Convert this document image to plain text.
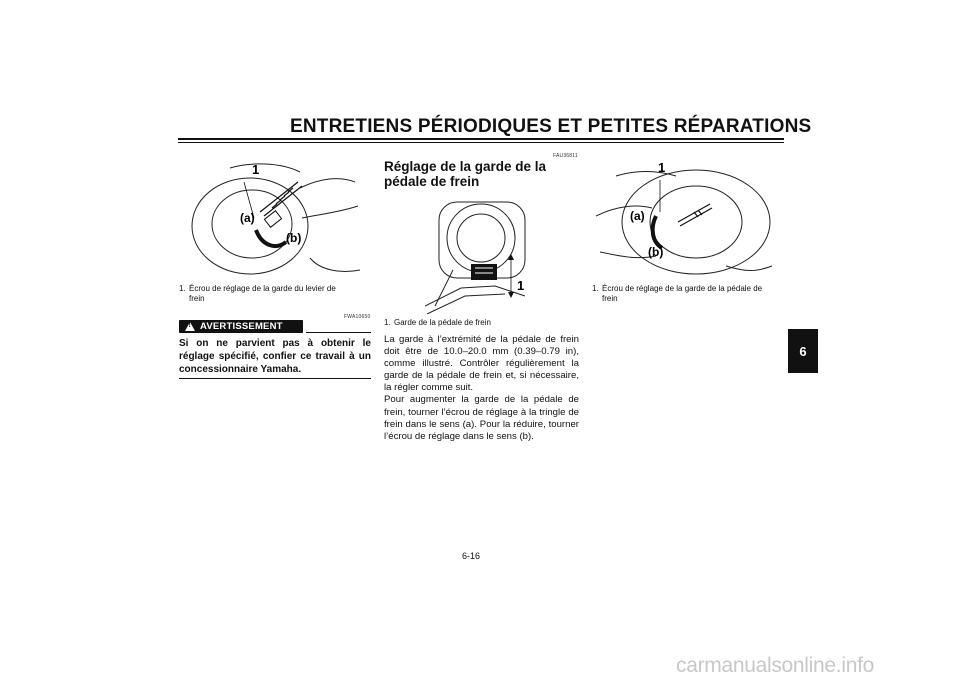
ENTRETIENS PÉRIODIQUES ET PETITES RÉPARATIONS
6
1
(a)
(b)
1. Écrou de réglage de la garde du levier de
frein
FWA10650
!
AVERTISSEMENT
Si on ne parvient pas à obtenir le réglage spécifié, confier ce travail à un concessionnaire Yamaha.
FAU36811
Réglage de la garde de la pédale de frein
1
1. Garde de la pédale de frein

La garde à l’extrémité de la pédale de frein doit être de 10.0–20.0 mm (0.39–0.79 in), comme illustré. Contrôler régulièrement la garde de la pédale de frein et, si nécessaire, la régler comme suit.

Pour augmenter la garde de la pédale de frein, tourner l’écrou de réglage à la tringle de frein dans le sens (a). Pour la réduire, tourner l’écrou de réglage dans le sens (b).

1
(a)
(b)
1. Écrou de réglage de la garde de la pédale de
frein
6-16
carmanualsonline.info
